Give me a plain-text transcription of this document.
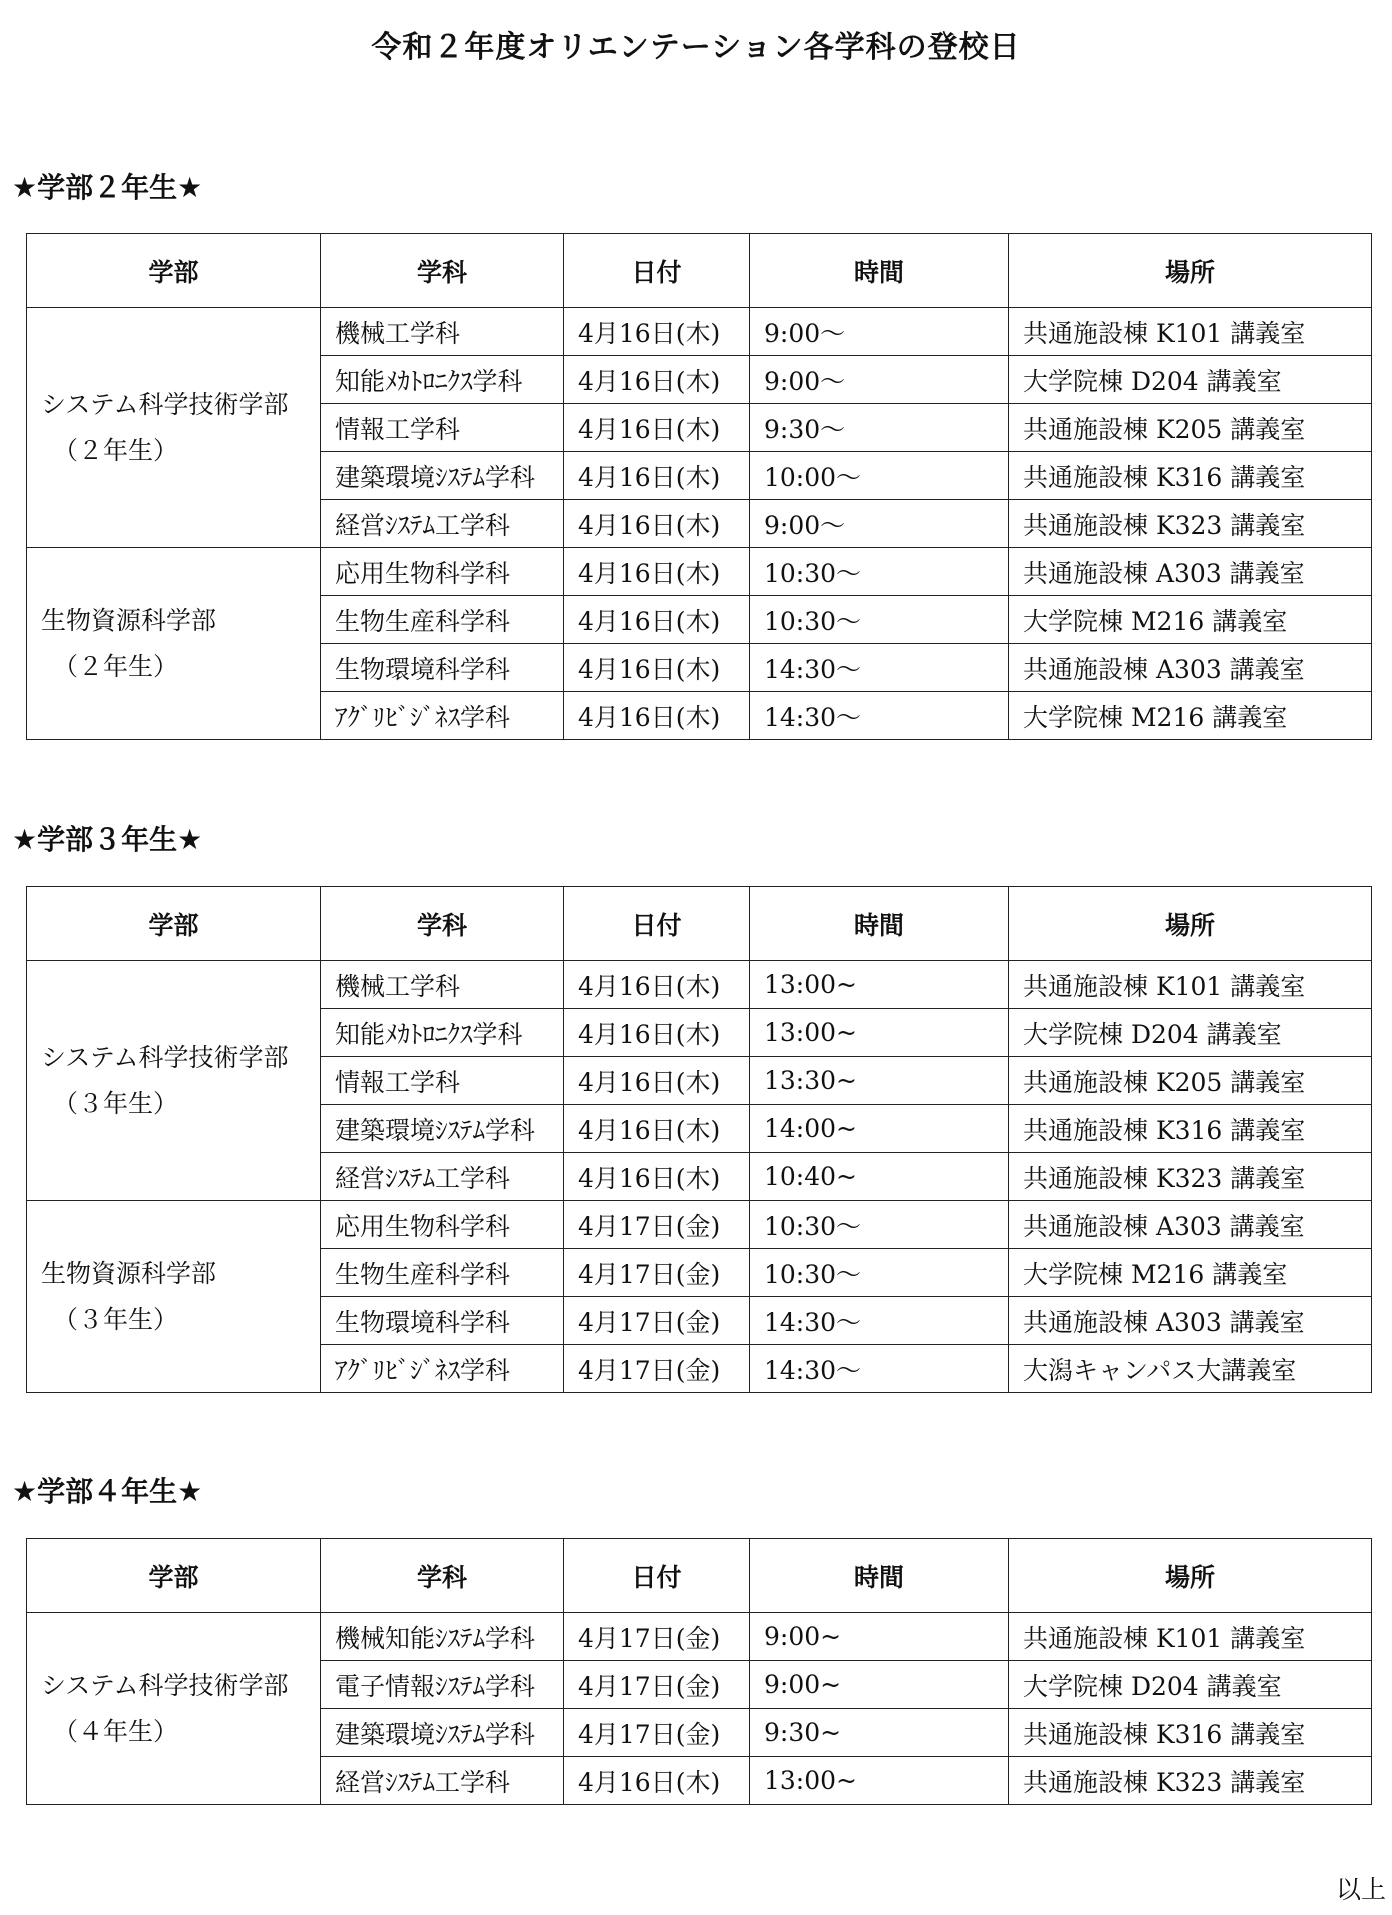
令和２年度オリエンテーション各学科の登校日
★学部２年生★
学部	学科	日付	時間	場所
システム科学技術学部
（２年生）	機械工学科	4月16日(木)	9:00～	共通施設棟 K101 講義室
	知能ﾒｶﾄﾛﾆｸｽ学科	4月16日(木)	9:00～	大学院棟 D204 講義室
	情報工学科	4月16日(木)	9:30～	共通施設棟 K205 講義室
	建築環境ｼｽﾃﾑ学科	4月16日(木)	10:00～	共通施設棟 K316 講義室
	経営ｼｽﾃﾑ工学科	4月16日(木)	9:00～	共通施設棟 K323 講義室
生物資源科学部
（２年生）	応用生物科学科	4月16日(木)	10:30～	共通施設棟 A303 講義室
	生物生産科学科	4月16日(木)	10:30～	大学院棟 M216 講義室
	生物環境科学科	4月16日(木)	14:30～	共通施設棟 A303 講義室
	ｱｸﾞﾘﾋﾞｼﾞﾈｽ学科	4月16日(木)	14:30～	大学院棟 M216 講義室
★学部３年生★
学部	学科	日付	時間	場所
システム科学技術学部
（３年生）	機械工学科	4月16日(木)	13:00~	共通施設棟 K101 講義室
	知能ﾒｶﾄﾛﾆｸｽ学科	4月16日(木)	13:00~	大学院棟 D204 講義室
	情報工学科	4月16日(木)	13:30~	共通施設棟 K205 講義室
	建築環境ｼｽﾃﾑ学科	4月16日(木)	14:00~	共通施設棟 K316 講義室
	経営ｼｽﾃﾑ工学科	4月16日(木)	10:40~	共通施設棟 K323 講義室
生物資源科学部
（３年生）	応用生物科学科	4月17日(金)	10:30～	共通施設棟 A303 講義室
	生物生産科学科	4月17日(金)	10:30～	大学院棟 M216 講義室
	生物環境科学科	4月17日(金)	14:30～	共通施設棟 A303 講義室
	ｱｸﾞﾘﾋﾞｼﾞﾈｽ学科	4月17日(金)	14:30～	大潟キャンパス大講義室
★学部４年生★
学部	学科	日付	時間	場所
システム科学技術学部
（４年生）	機械知能ｼｽﾃﾑ学科	4月17日(金)	9:00~	共通施設棟 K101 講義室
	電子情報ｼｽﾃﾑ学科	4月17日(金)	9:00~	大学院棟 D204 講義室
	建築環境ｼｽﾃﾑ学科	4月17日(金)	9:30~	共通施設棟 K316 講義室
	経営ｼｽﾃﾑ工学科	4月16日(木)	13:00~	共通施設棟 K323 講義室
以上
